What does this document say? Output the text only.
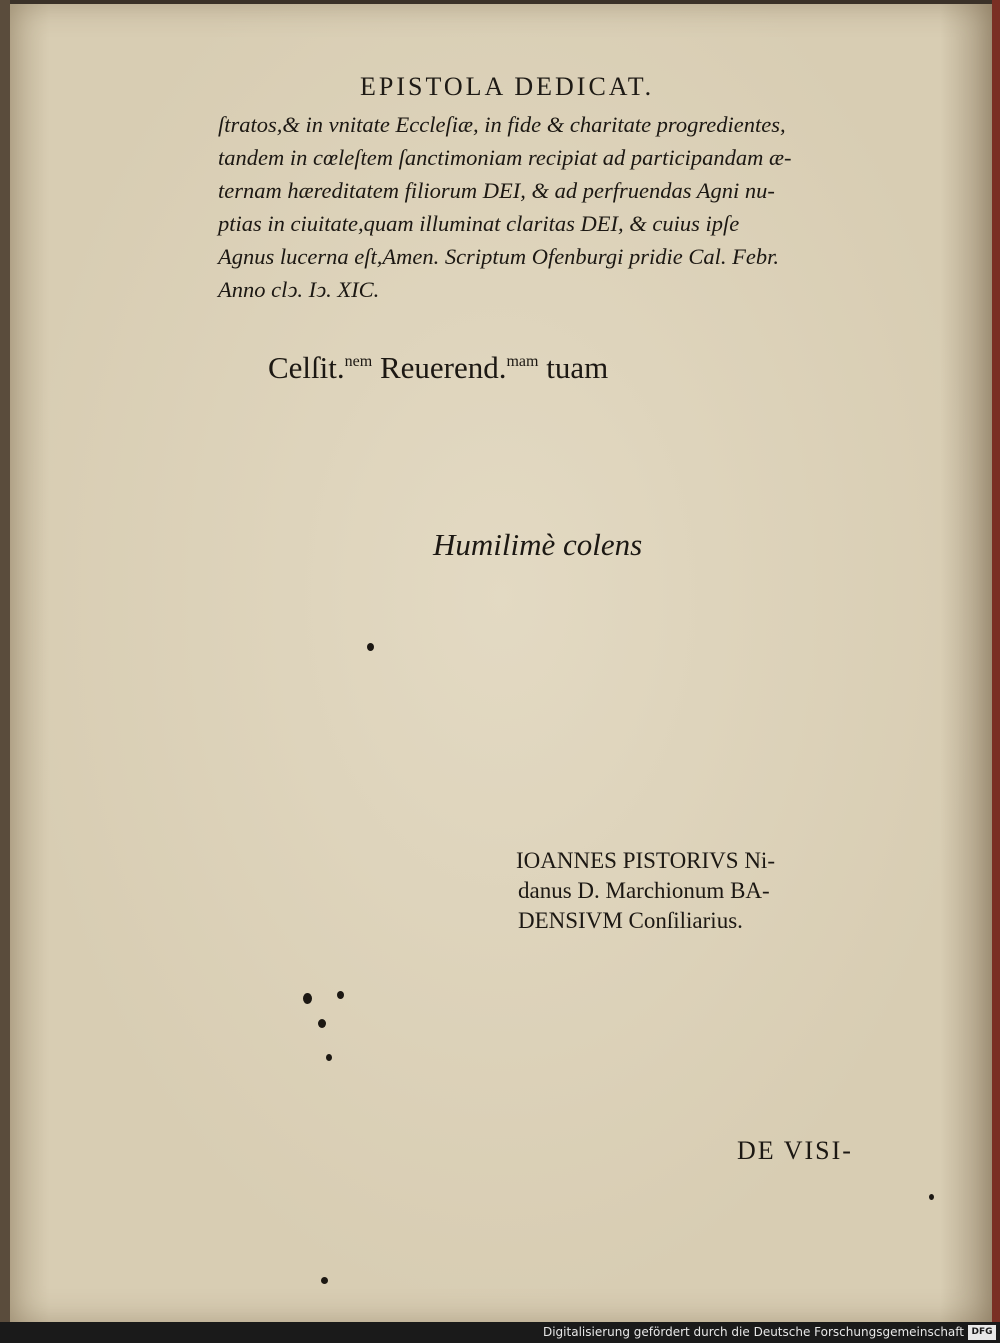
EPISTOLA DEDICAT.
ſtratos,& in vnitate Eccleſiæ, in fide & charitate progredientes,
tandem in cœleſtem ſanctimoniam recipiat ad participandam æ-
ternam hæreditatem filiorum DEI, & ad perfruendas Agni nu-
ptias in ciuitate,quam illuminat claritas DEI, & cuius ipſe
Agnus lucerna eſt,Amen. Scriptum Ofenburgi pridie Cal. Febr.
Anno clↄ. Iↄ. XIC.
Celſit.$^{nem}$ Reuerend.$^{mam}$ tuam
Humilimè colens
IOANNES PISTORIVS Ni-
danus D. Marchionum BA-
DENSIVM Conſiliarius.
DE VISI-
Digitalisierung gefördert durch die Deutsche Forschungsgemeinschaft DFG
